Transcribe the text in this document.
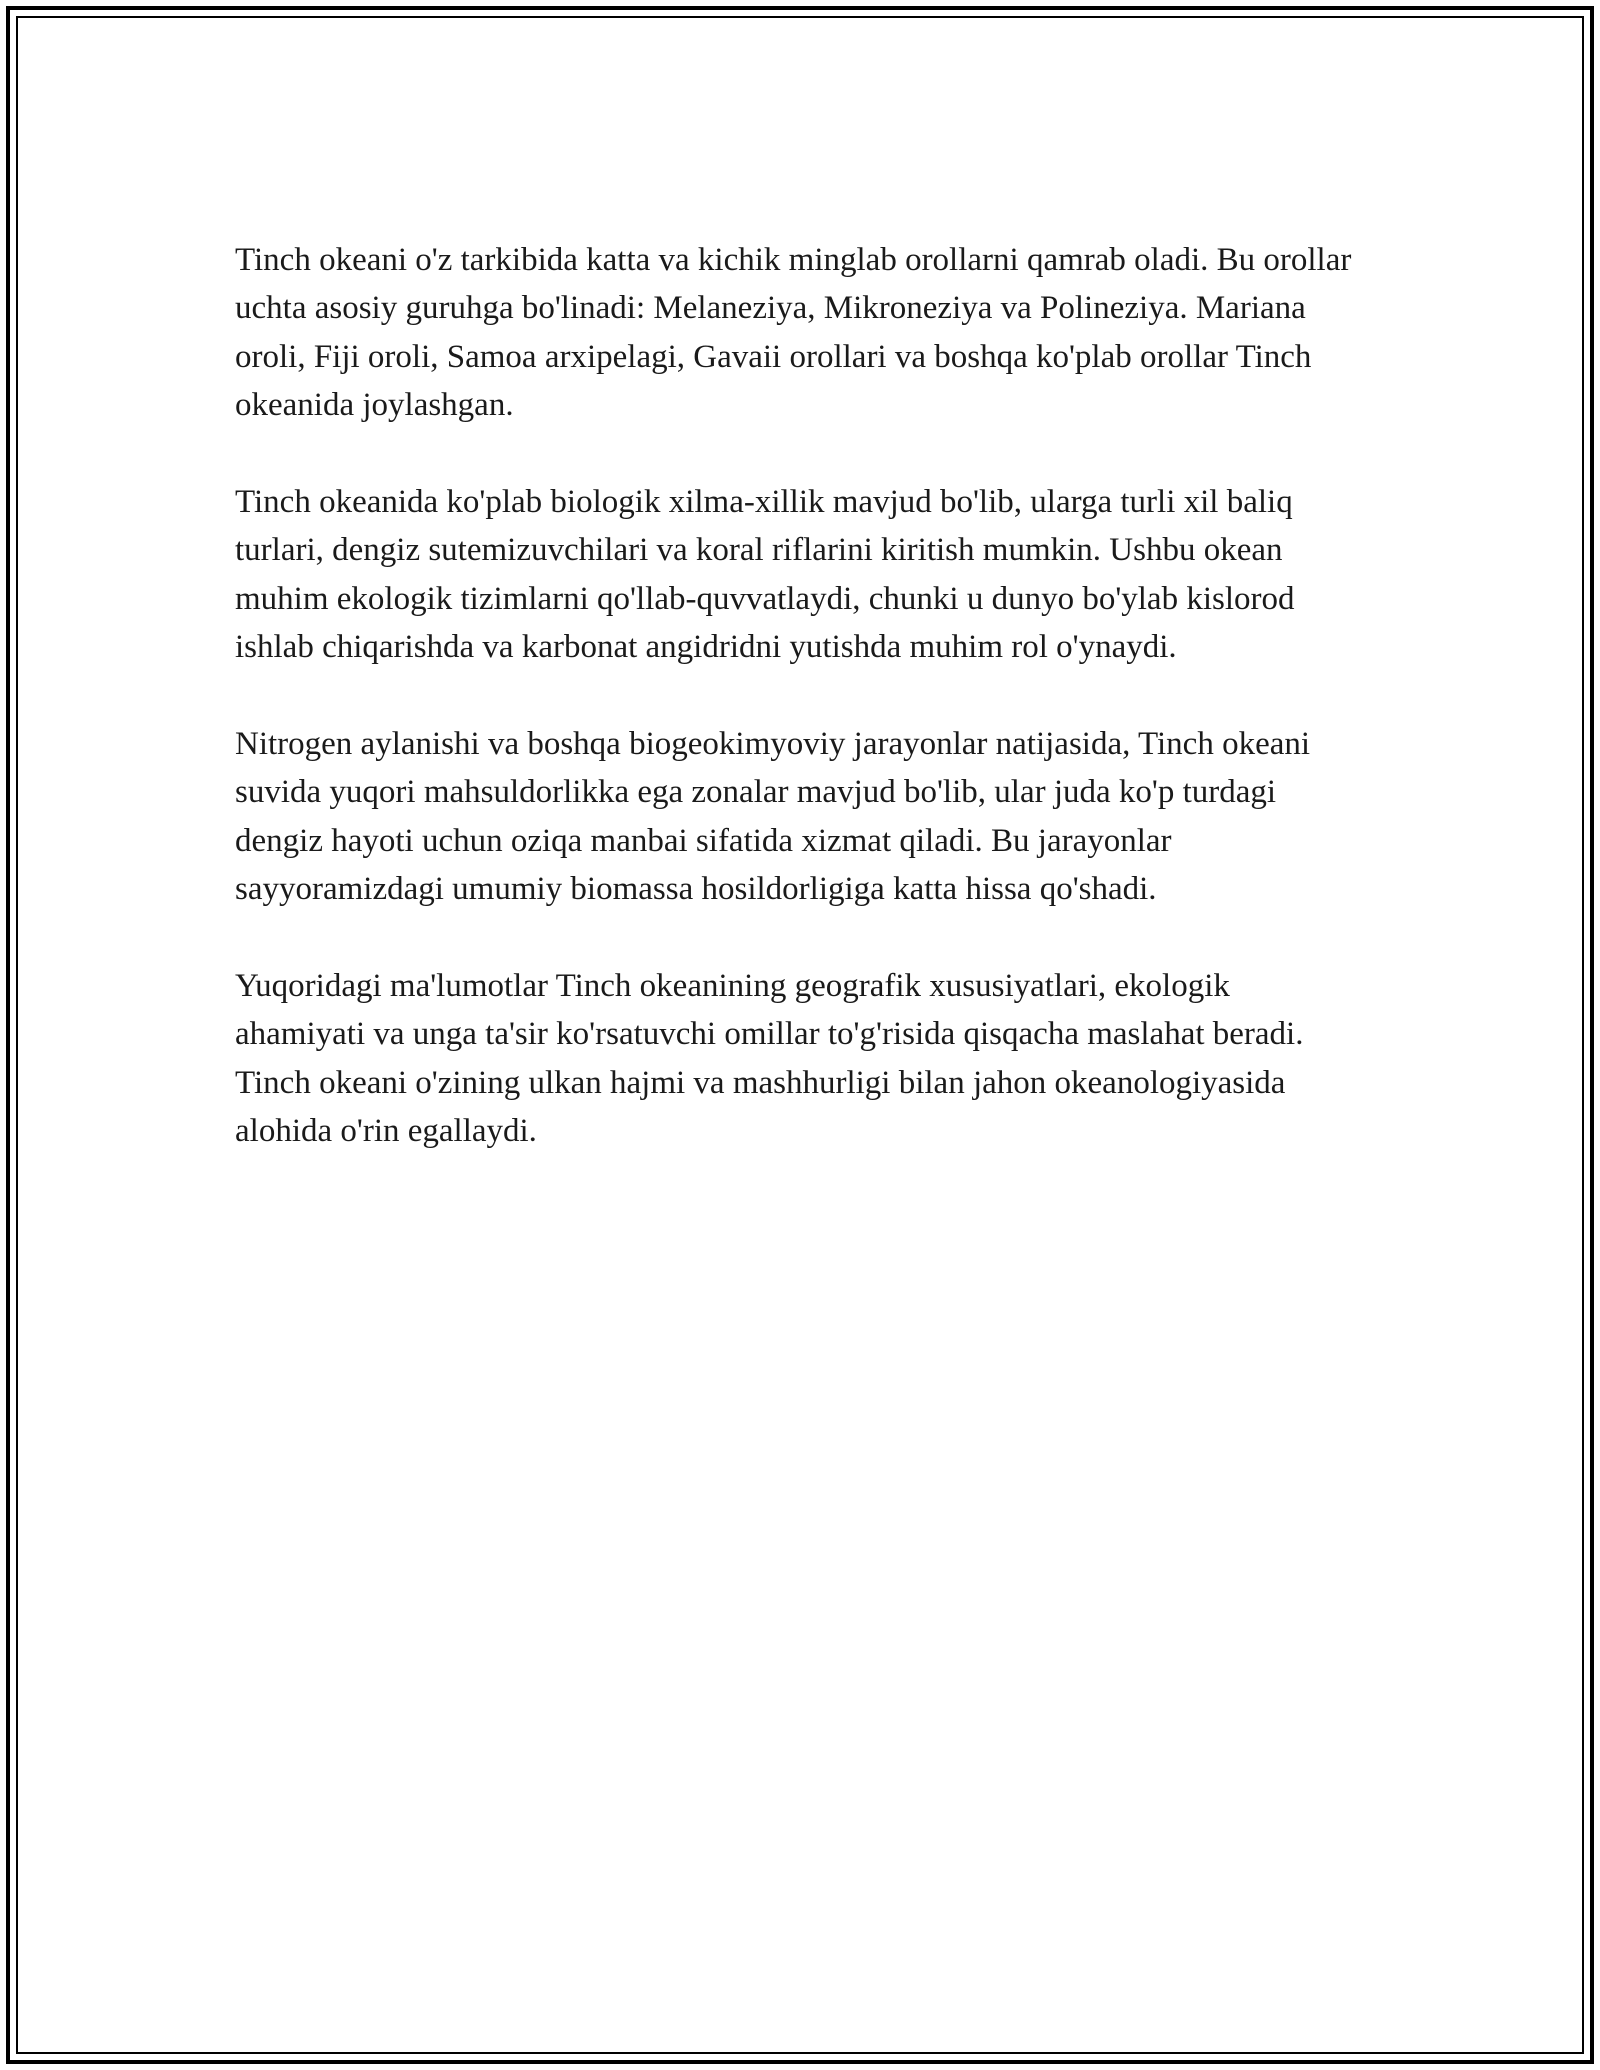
Tinch okeani o'z tarkibida katta va kichik minglab orollarni qamrab oladi. Bu orollar uchta asosiy guruhga bo'linadi: Melaneziya, Mikroneziya va Polineziya. Mariana oroli, Fiji oroli, Samoa arxipelagi, Gavaii orollari va boshqa ko'plab orollar Tinch okeanida joylashgan.

Tinch okeanida ko'plab biologik xilma-xillik mavjud bo'lib, ularga turli xil baliq turlari, dengiz sutemizuvchilari va koral riflarini kiritish mumkin. Ushbu okean muhim ekologik tizimlarni qo'llab-quvvatlaydi, chunki u dunyo bo'ylab kislorod ishlab chiqarishda va karbonat angidridni yutishda muhim rol o'ynaydi.

Nitrogen aylanishi va boshqa biogeokimyoviy jarayonlar natijasida, Tinch okeani suvida yuqori mahsuldorlikka ega zonalar mavjud bo'lib, ular juda ko'p turdagi dengiz hayoti uchun oziqa manbai sifatida xizmat qiladi. Bu jarayonlar sayyoramizdagi umumiy biomassa hosildorligiga katta hissa qo'shadi.

Yuqoridagi ma'lumotlar Tinch okeanining geografik xususiyatlari, ekologik ahamiyati va unga ta'sir ko'rsatuvchi omillar to'g'risida qisqacha maslahat beradi. Tinch okeani o'zining ulkan hajmi va mashhurligi bilan jahon okeanologiyasida alohida o'rin egallaydi.
